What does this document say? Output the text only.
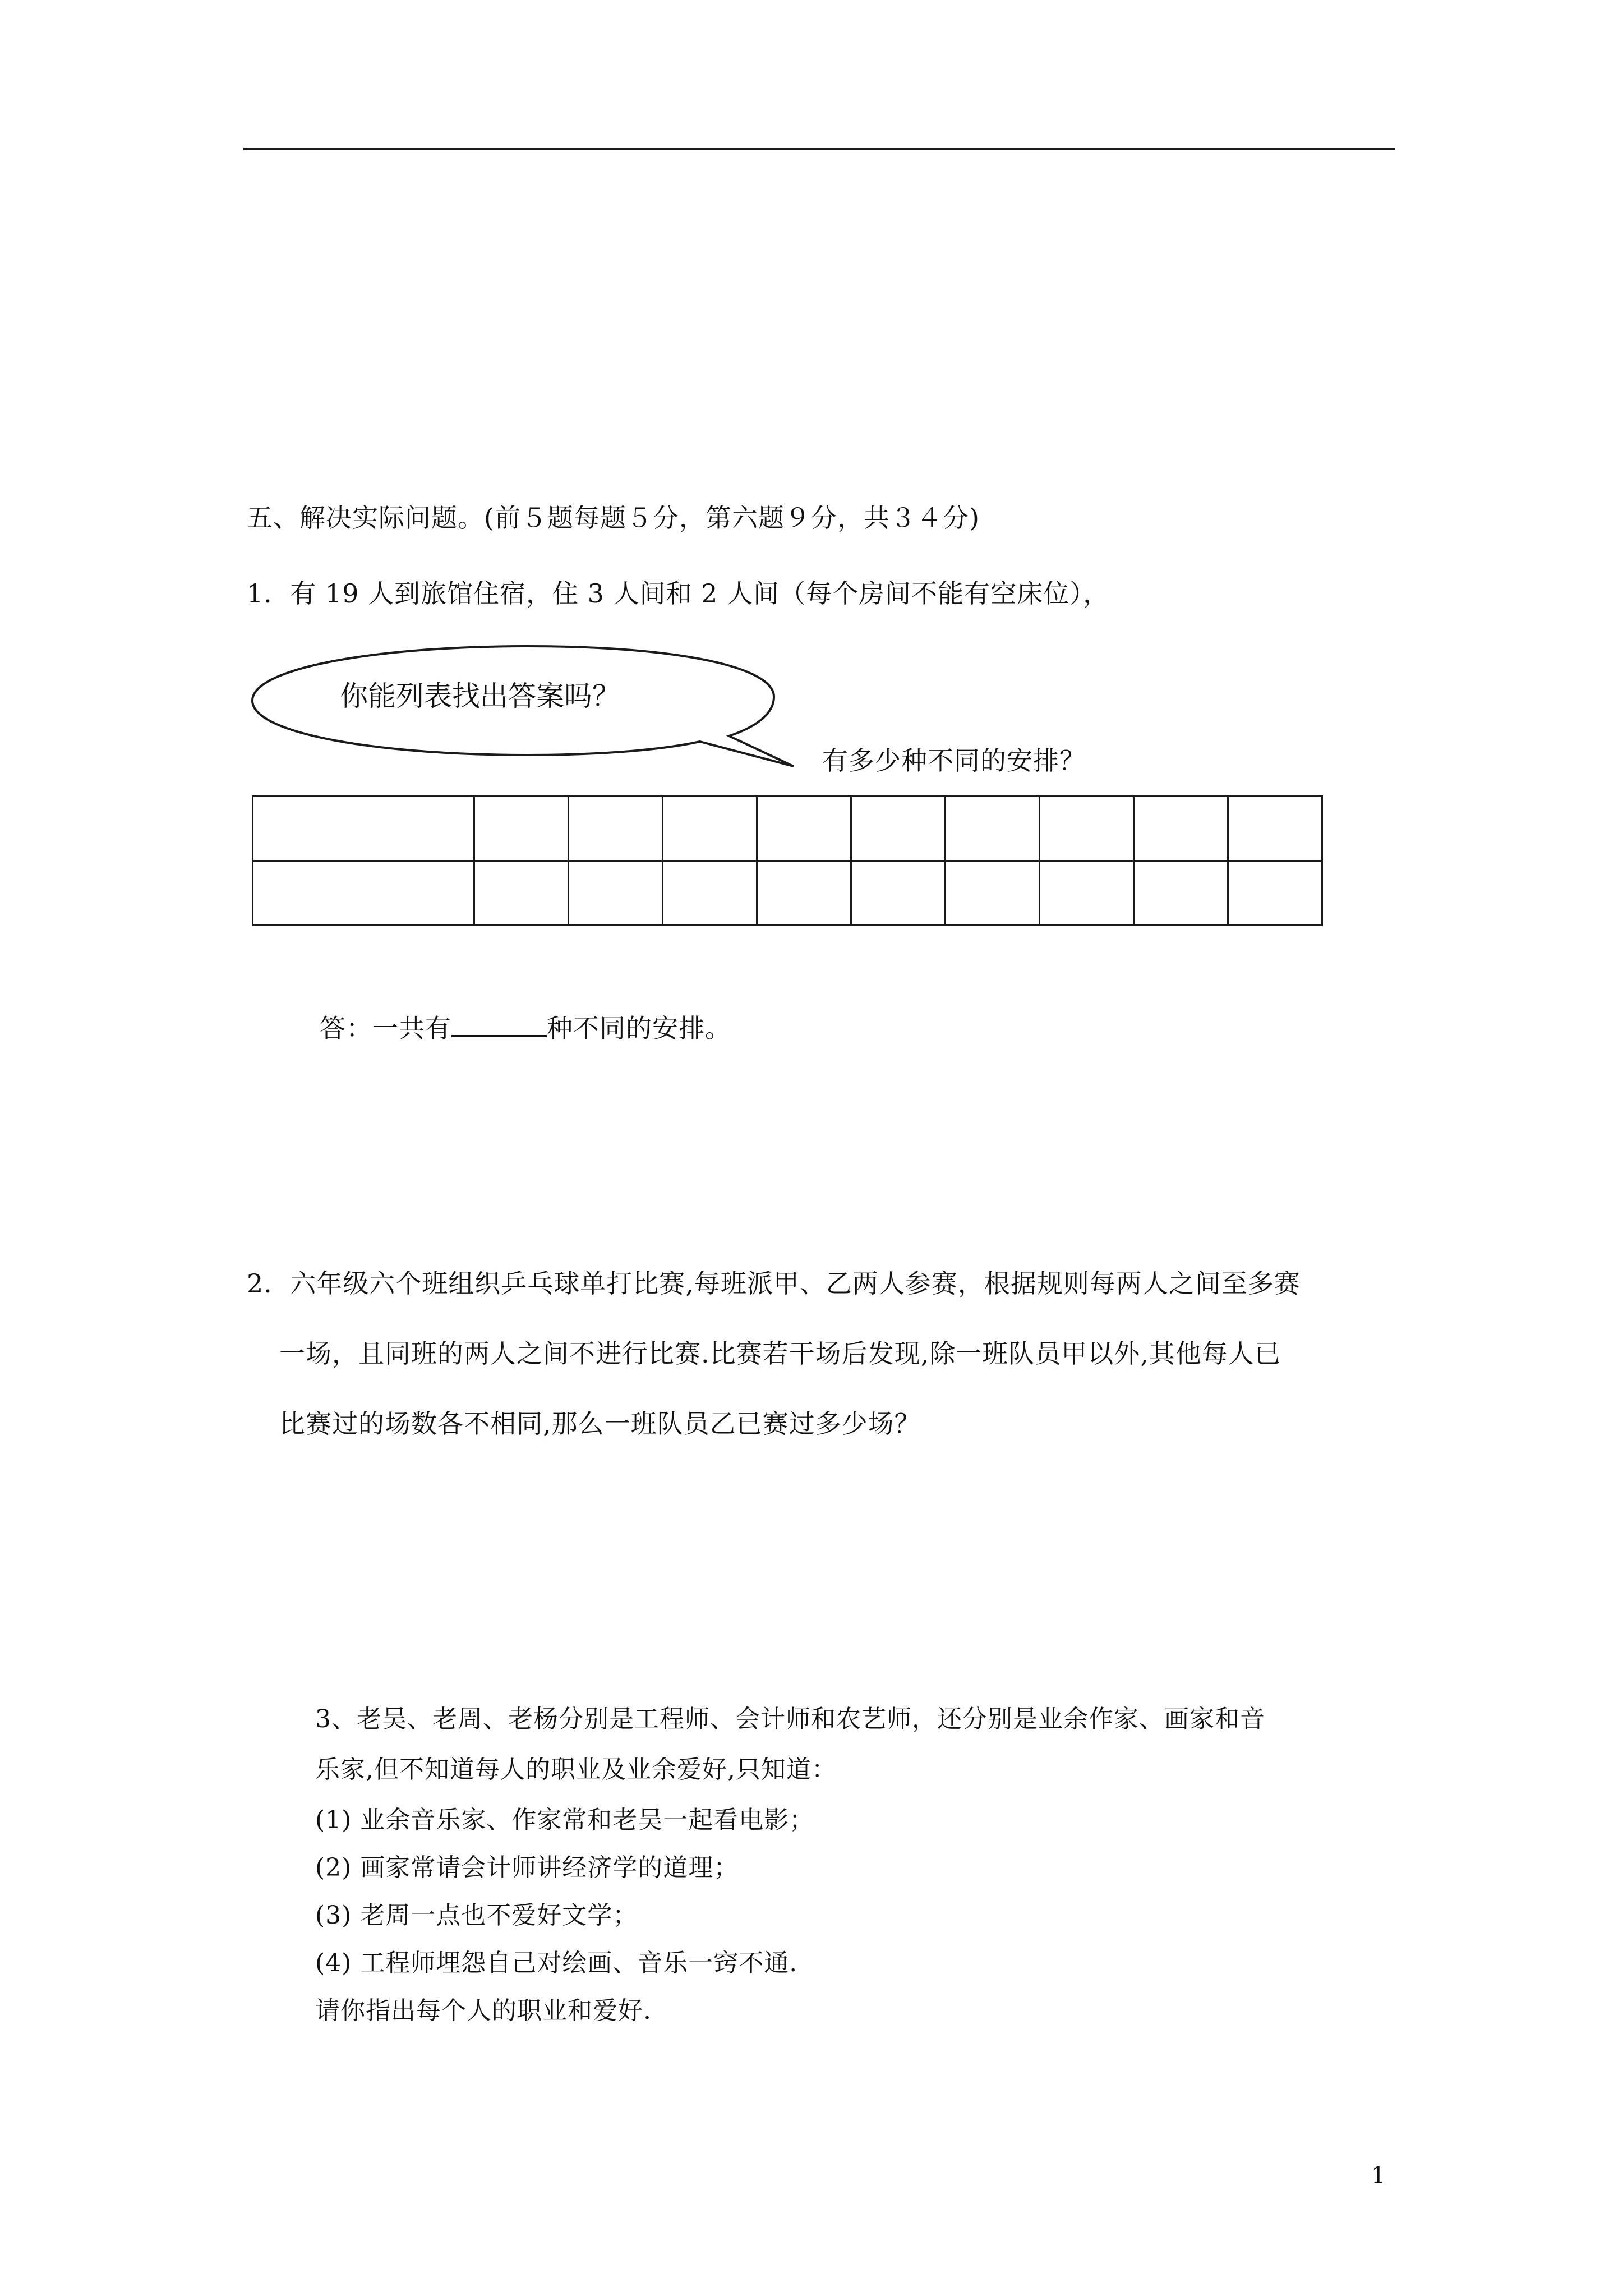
五、解决实际问题。(前５题每题５分，第六题９分，共３４分)
1．有 19 人到旅馆住宿，住 3 人间和 2 人间（每个房间不能有空床位），
你能列表找出答案吗？
有多少种不同的安排？

答：一共有	种不同的安排。
2．六年级六个班组织乒乓球单打比赛,每班派甲、乙两人参赛，根据规则每两人之间至多赛
一场，且同班的两人之间不进行比赛.比赛若干场后发现,除一班队员甲以外,其他每人已
比赛过的场数各不相同,那么一班队员乙已赛过多少场？
3、老吴、老周、老杨分别是工程师、会计师和农艺师，还分别是业余作家、画家和音
乐家,但不知道每人的职业及业余爱好,只知道：
(1) 业余音乐家、作家常和老吴一起看电影；
(2) 画家常请会计师讲经济学的道理；
(3) 老周一点也不爱好文学；
(4) 工程师埋怨自己对绘画、音乐一窍不通.
请你指出每个人的职业和爱好.
1
